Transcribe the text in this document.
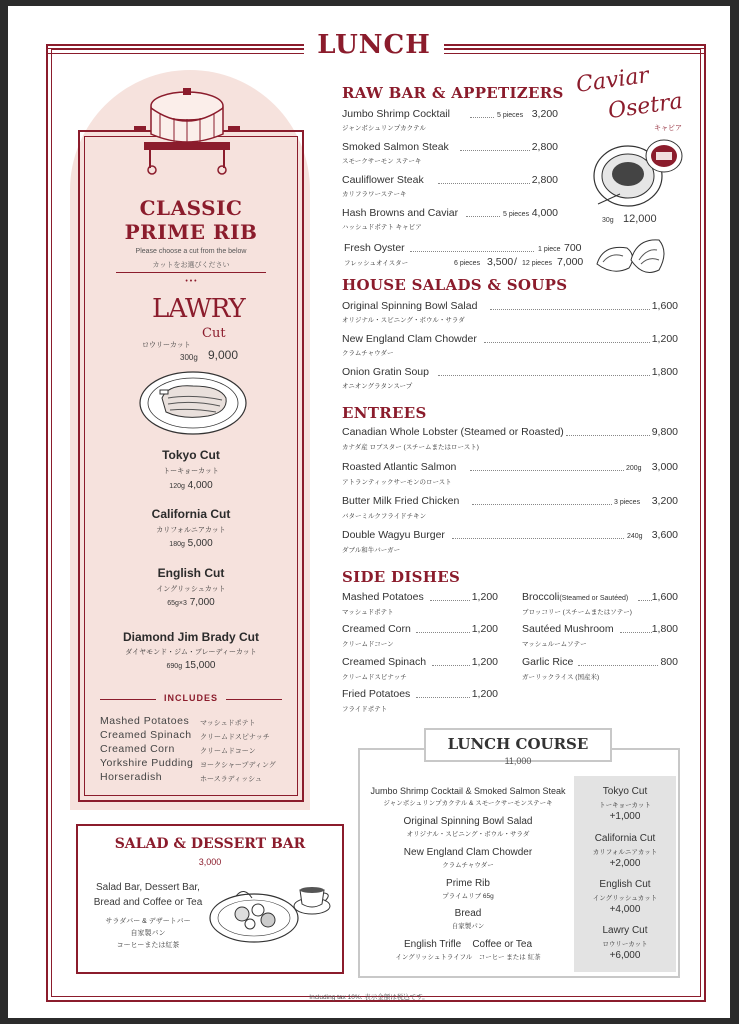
LUNCH
CLASSIC
PRIME RIB
Please choose a cut from the below
カットをお選びください
• • •
LAWRY
Cut
ロウリーカット
300g 9,000
Tokyo Cut
トーキョーカット
120g 4,000
California Cut
カリフォルニアカット
180g 5,000
English Cut
イングリッシュカット
65g×3 7,000
Diamond Jim Brady Cut
ダイヤモンド・ジム・ブレーディーカット
690g 15,000
INCLUDES
Mashed Potatoes マッシュドポテト
Creamed Spinach クリームドスピナッチ
Creamed Corn	クリームドコーン
Yorkshire Pudding ヨークシャープディング
Horseradish	ホースラディッシュ
SALAD & DESSERT BAR
3,000
Salad Bar, Dessert Bar,
Bread and Coffee or Tea
サラダバー & デザートバー
自家製パン
コーヒーまたは紅茶
RAW BAR & APPETIZERS
Jumbo Shrimp Cocktail	5 pieces 3,200
ジャンボシュリンプカクテル
Smoked Salmon Steak	2,800
スモークサーモン ステーキ
Cauliflower Steak	2,800
カリフラワーステーキ
Hash Browns and Caviar	5 pieces 4,000
ハッシュドポテト キャビア
Fresh Oyster	1 piece 700
フレッシュオイスター	6 pieces 3,500 / 12 pieces 7,000
Caviar
Osetra
キャビア
30g 12,000
HOUSE SALADS & SOUPS
Original Spinning Bowl Salad	1,600
オリジナル・スピニング・ボウル・サラダ
New England Clam Chowder	1,200
クラムチャウダー
Onion Gratin Soup	1,800
オニオングラタンスープ
ENTREES
Canadian Whole Lobster (Steamed or Roasted)	9,800
カナダ産 ロブスター (スチームまたはロースト)
Roasted Atlantic Salmon	200g 3,000
アトランティックサーモンのロースト
Butter Milk Fried Chicken	3 pieces	3,200
バターミルクフライドチキン
Double Wagyu Burger	240g 3,600
ダブル和牛バーガー
SIDE DISHES
Mashed Potatoes	1,200
マッシュドポテト
Creamed Corn	1,200
クリームドコーン
Creamed Spinach	1,200
クリームドスピナッチ
Fried Potatoes	1,200
フライドポテト
Broccoli(Steamed or Sautéed)	1,600
ブロッコリー (スチームまたはソテー)
Sautéed Mushroom	1,800
マッシュルームソテー
Garlic Rice	800
ガーリックライス (国産米)
LUNCH COURSE
11,000
Jumbo Shrimp Cocktail & Smoked Salmon Steak
ジャンボシュリンプカクテル & スモークサーモンステーキ
Original Spinning Bowl Salad
オリジナル・スピニング・ボウル・サラダ
New England Clam Chowder
クラムチャウダー
Prime Rib
プライムリブ 65g
Bread
自家製パン
English Trifle    Coffee or Tea
イングリッシュトライフル　コーヒー または 紅茶
Tokyo Cut
トーキョーカット
+1,000
California Cut
カリフォルニアカット
+2,000
English Cut
イングリッシュカット
+4,000
Lawry Cut
ロウリーカット
+6,000
Including tax 10%. 表示金額は税込です。
